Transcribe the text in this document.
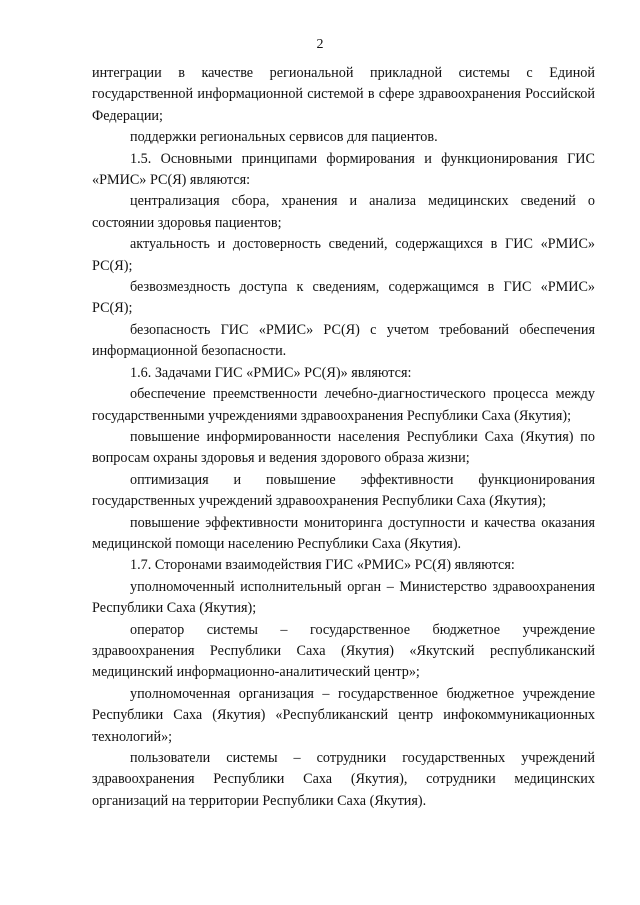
2

интеграции в качестве региональной прикладной системы с Единой государственной информационной системой в сфере здравоохранения Российской Федерации;

поддержки региональных сервисов для пациентов.

1.5. Основными принципами формирования и функционирования ГИС «РМИС» РС(Я) являются:

централизация сбора, хранения и анализа медицинских сведений о состоянии здоровья пациентов;

актуальность и достоверность сведений, содержащихся в ГИС «РМИС» РС(Я);

безвозмездность доступа к сведениям, содержащимся в ГИС «РМИС» РС(Я);

безопасность ГИС «РМИС» РС(Я) с учетом требований обеспечения информационной безопасности.

1.6. Задачами ГИС «РМИС» РС(Я)» являются:

обеспечение преемственности лечебно-диагностического процесса между государственными учреждениями здравоохранения Республики Саха (Якутия);

повышение информированности населения Республики Саха (Якутия) по вопросам охраны здоровья и ведения здорового образа жизни;

оптимизация и повышение эффективности функционирования государственных учреждений здравоохранения Республики Саха (Якутия);

повышение эффективности мониторинга доступности и качества оказания медицинской помощи населению Республики Саха (Якутия).

1.7. Сторонами взаимодействия ГИС «РМИС» РС(Я) являются:

уполномоченный исполнительный орган – Министерство здравоохранения Республики Саха (Якутия);

оператор системы – государственное бюджетное учреждение здравоохранения Республики Саха (Якутия) «Якутский республиканский медицинский информационно-аналитический центр»;

уполномоченная организация – государственное бюджетное учреждение Республики Саха (Якутия) «Республиканский центр инфокоммуникационных технологий»;

пользователи системы – сотрудники государственных учреждений здравоохранения Республики Саха (Якутия), сотрудники медицинских организаций на территории Республики Саха (Якутия).
